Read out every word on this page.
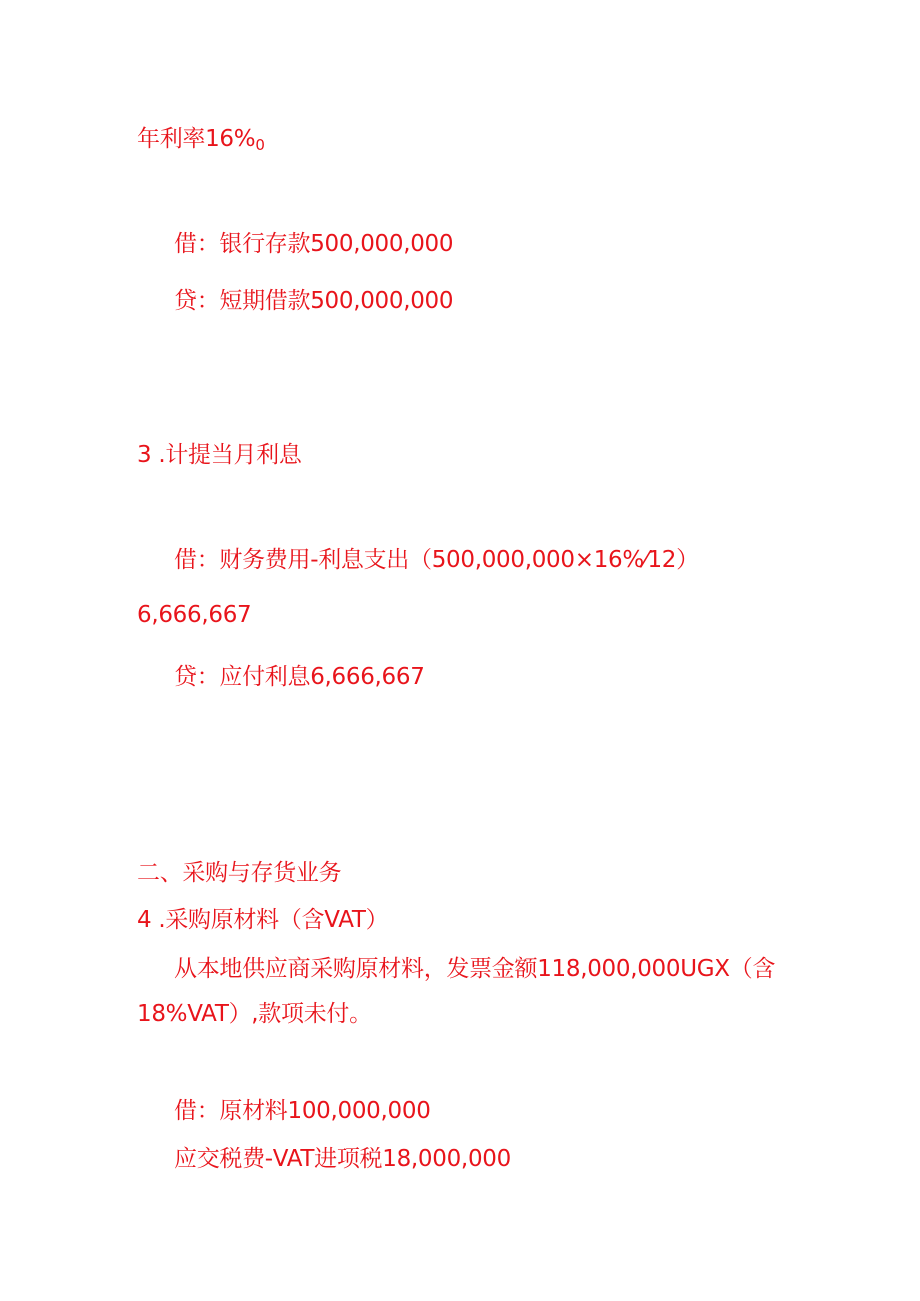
年利率$16\%_0$
借：银行存款500,000,000
贷：短期借款500,000,000
3 .计提当月利息
借：财务费用-利息支出（500,000,000×16%⁄12）
6,666,667
贷：应付利息6,666,667
二、采购与存货业务
4 .采购原材料（含VAT）
从本地供应商采购原材料，发票金额118,000,000UGX（含
18%VAT）,款项未付。
借：原材料100,000,000
应交税费-VAT进项税18,000,000
